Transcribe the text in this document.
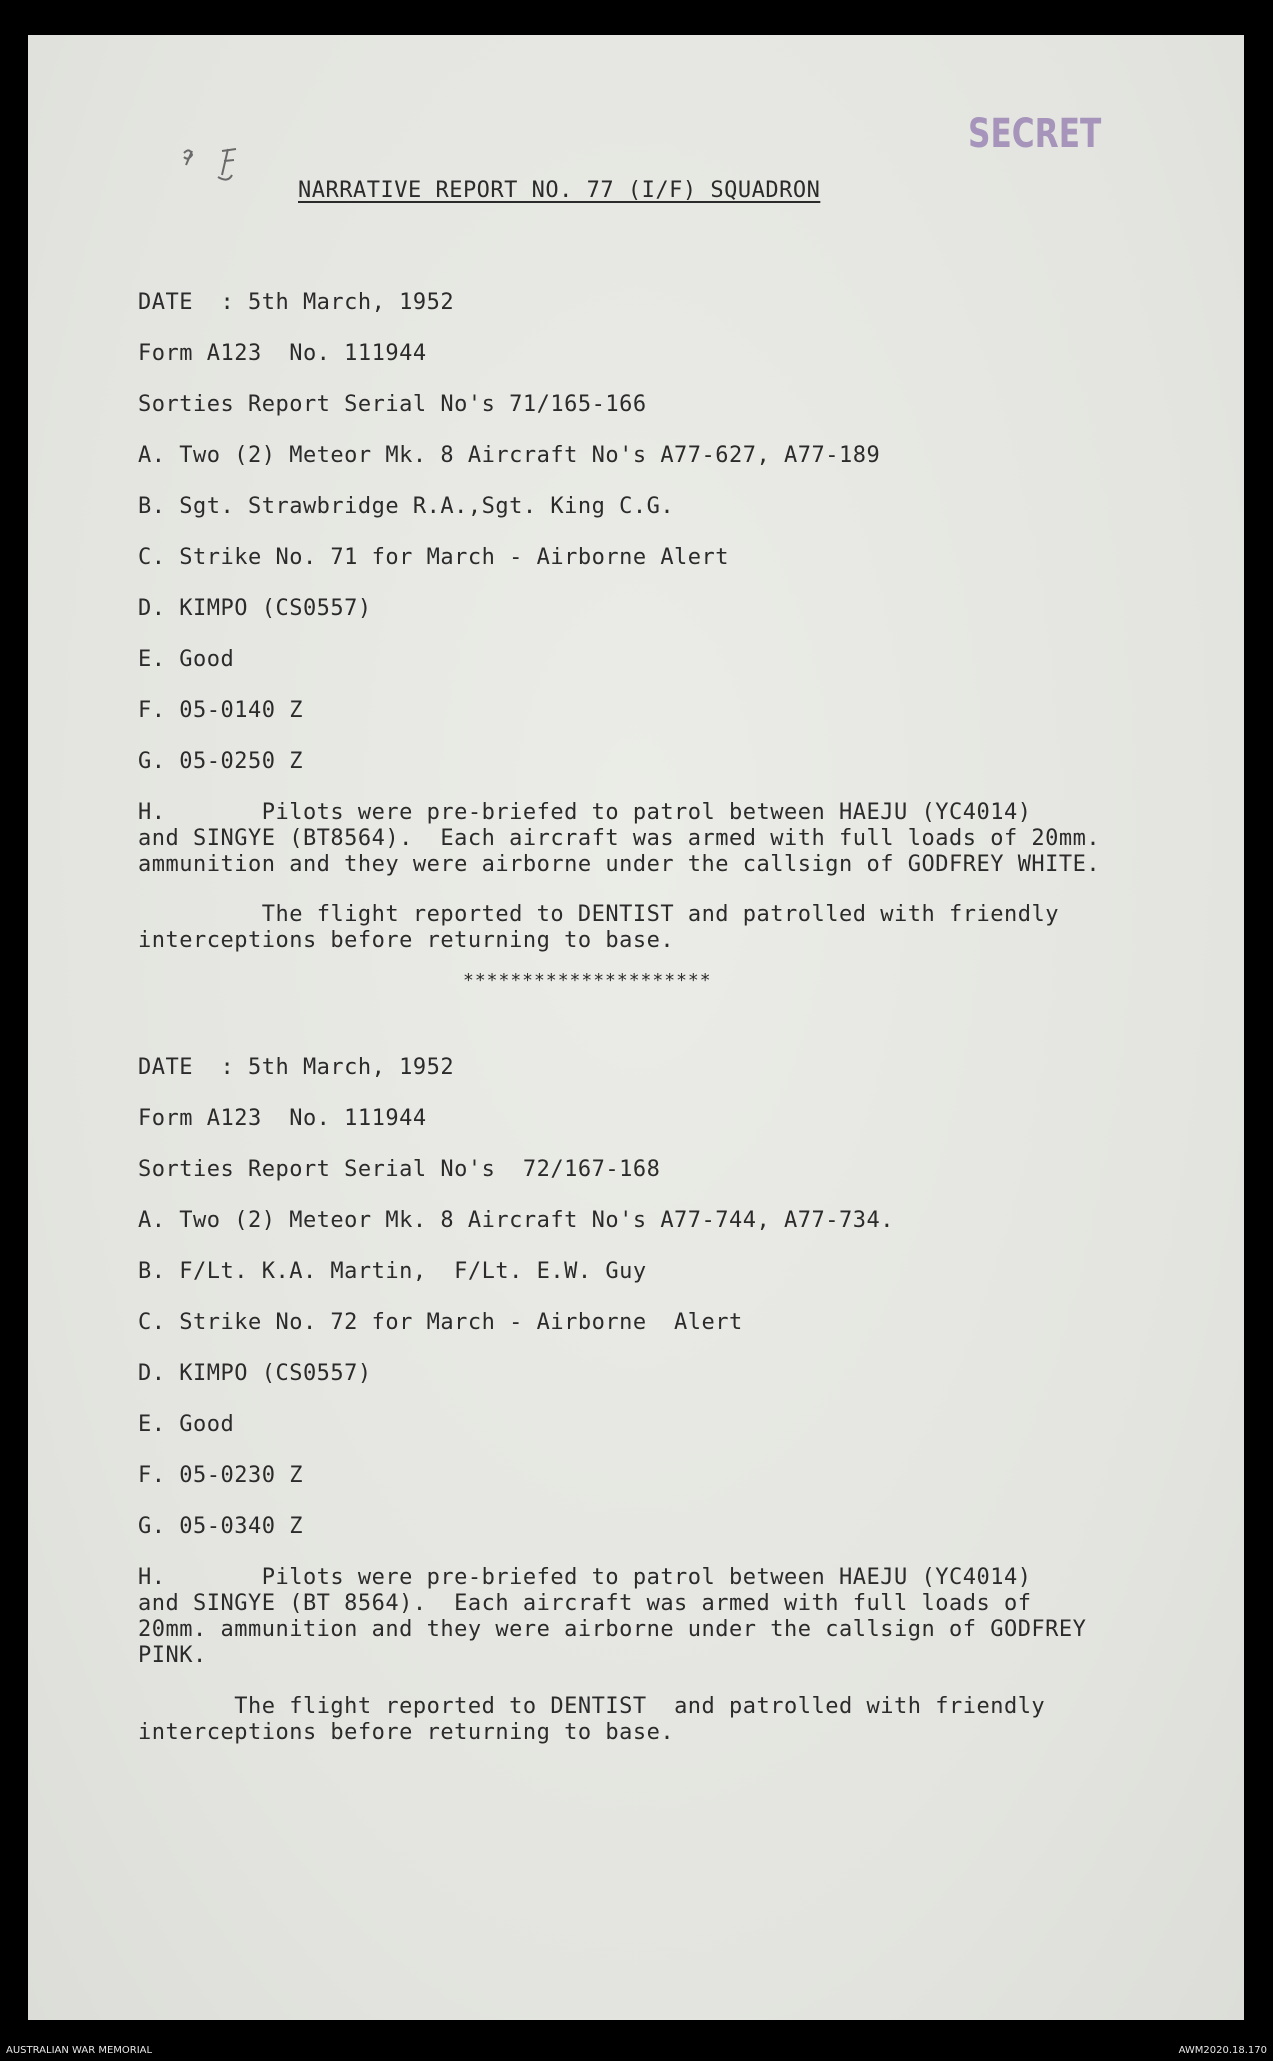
SECRET
NARRATIVE REPORT NO. 77 (I/F) SQUADRON
DATE  : 5th March, 1952
Form A123  No. 111944
Sorties Report Serial No's 71/165-166
A. Two (2) Meteor Mk. 8 Aircraft No's A77-627, A77-189
B. Sgt. Strawbridge R.A.,Sgt. King C.G.
C. Strike No. 71 for March - Airborne Alert
D. KIMPO (CS0557)
E. Good
F. 05-0140 Z
G. 05-0250 Z
H.       Pilots were pre-briefed to patrol between HAEJU (YC4014)
and SINGYE (BT8564).  Each aircraft was armed with full loads of 20mm.
ammunition and they were airborne under the callsign of GODFREY WHITE.
The flight reported to DENTIST and patrolled with friendly
interceptions before returning to base.
*********************
DATE  : 5th March, 1952
Form A123  No. 111944
Sorties Report Serial No's  72/167-168
A. Two (2) Meteor Mk. 8 Aircraft No's A77-744, A77-734.
B. F/Lt. K.A. Martin,  F/Lt. E.W. Guy
C. Strike No. 72 for March - Airborne  Alert
D. KIMPO (CS0557)
E. Good
F. 05-0230 Z
G. 05-0340 Z
H.       Pilots were pre-briefed to patrol between HAEJU (YC4014)
and SINGYE (BT 8564).  Each aircraft was armed with full loads of
20mm. ammunition and they were airborne under the callsign of GODFREY
PINK.
The flight reported to DENTIST  and patrolled with friendly
interceptions before returning to base.
AUSTRALIAN WAR MEMORIAL	AWM2020.18.170
